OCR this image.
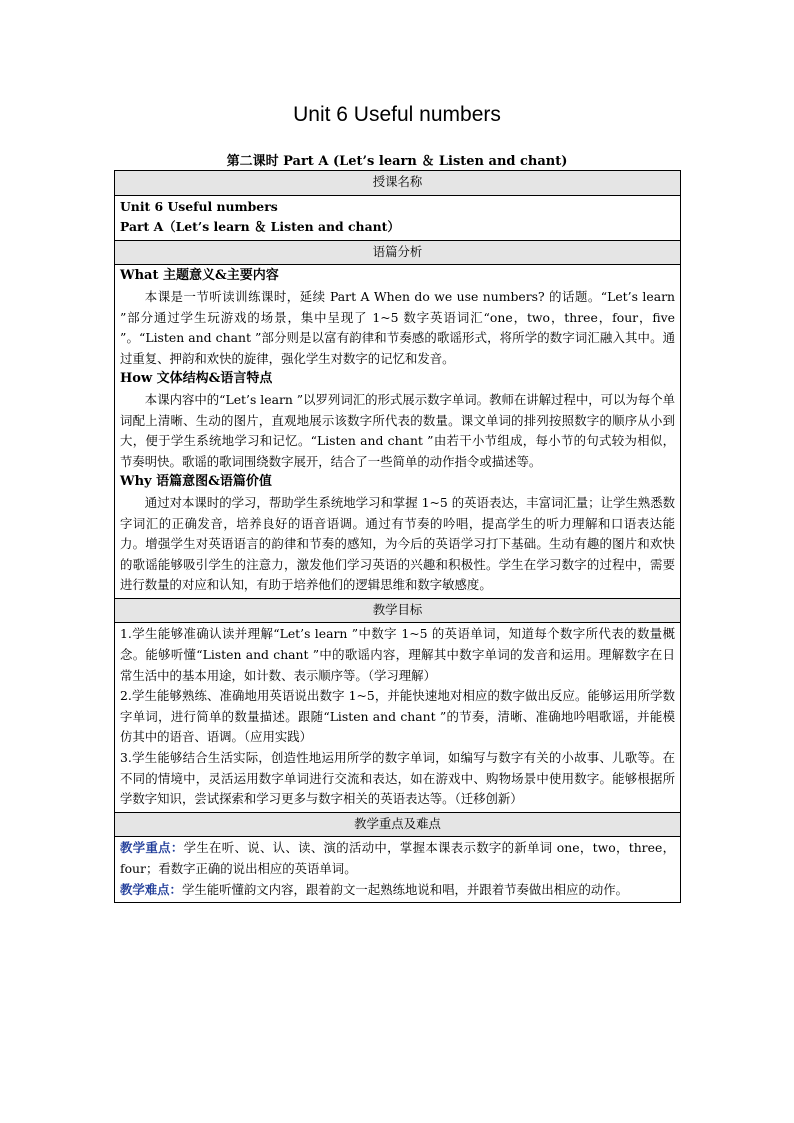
Unit 6 Useful numbers
第二课时 Part A (Let’s learn ＆ Listen and chant)
授课名称

Unit 6 Useful numbers

Part A（Let’s learn ＆ Listen and chant）

语篇分析

What 主题意义&主要内容

本课是一节听读训练课时，延续 Part A When do we use numbers? 的话题。“Let’s learn ”部分通过学生玩游戏的场景，集中呈现了 1~5 数字英语词汇“one，two，three，four，five ”。“Listen and chant ”部分则是以富有韵律和节奏感的歌谣形式，将所学的数字词汇融入其中。通过重复、押韵和欢快的旋律，强化学生对数字的记忆和发音。

How 文体结构&语言特点

本课内容中的“Let’s learn ”以罗列词汇的形式展示数字单词。教师在讲解过程中，可以为每个单词配上清晰、生动的图片，直观地展示该数字所代表的数量。课文单词的排列按照数字的顺序从小到大，便于学生系统地学习和记忆。“Listen and chant ”由若干小节组成，每小节的句式较为相似，节奏明快。歌谣的歌词围绕数字展开，结合了一些简单的动作指令或描述等。

Why 语篇意图&语篇价值

通过对本课时的学习，帮助学生系统地学习和掌握 1~5 的英语表达，丰富词汇量；让学生熟悉数字词汇的正确发音，培养良好的语音语调。通过有节奏的吟唱，提高学生的听力理解和口语表达能力。增强学生对英语语言的韵律和节奏的感知，为今后的英语学习打下基础。生动有趣的图片和欢快的歌谣能够吸引学生的注意力，激发他们学习英语的兴趣和积极性。学生在学习数字的过程中，需要进行数量的对应和认知，有助于培养他们的逻辑思维和数字敏感度。

教学目标

1.学生能够准确认读并理解“Let’s learn ”中数字 1~5 的英语单词，知道每个数字所代表的数量概念。能够听懂“Listen and chant ”中的歌谣内容，理解其中数字单词的发音和运用。理解数字在日常生活中的基本用途，如计数、表示顺序等。（学习理解）

2.学生能够熟练、准确地用英语说出数字 1~5，并能快速地对相应的数字做出反应。能够运用所学数字单词，进行简单的数量描述。跟随“Listen and chant ”的节奏，清晰、准确地吟唱歌谣，并能模仿其中的语音、语调。（应用实践）

3.学生能够结合生活实际，创造性地运用所学的数字单词，如编写与数字有关的小故事、儿歌等。在不同的情境中，灵活运用数字单词进行交流和表达，如在游戏中、购物场景中使用数字。能够根据所学数字知识，尝试探索和学习更多与数字相关的英语表达等。（迁移创新）

教学重点及难点

教学重点：学生在听、说、认、读、演的活动中，掌握本课表示数字的新单词 one，two，three，four；看数字正确的说出相应的英语单词。

教学难点：学生能听懂韵文内容，跟着韵文一起熟练地说和唱，并跟着节奏做出相应的动作。
